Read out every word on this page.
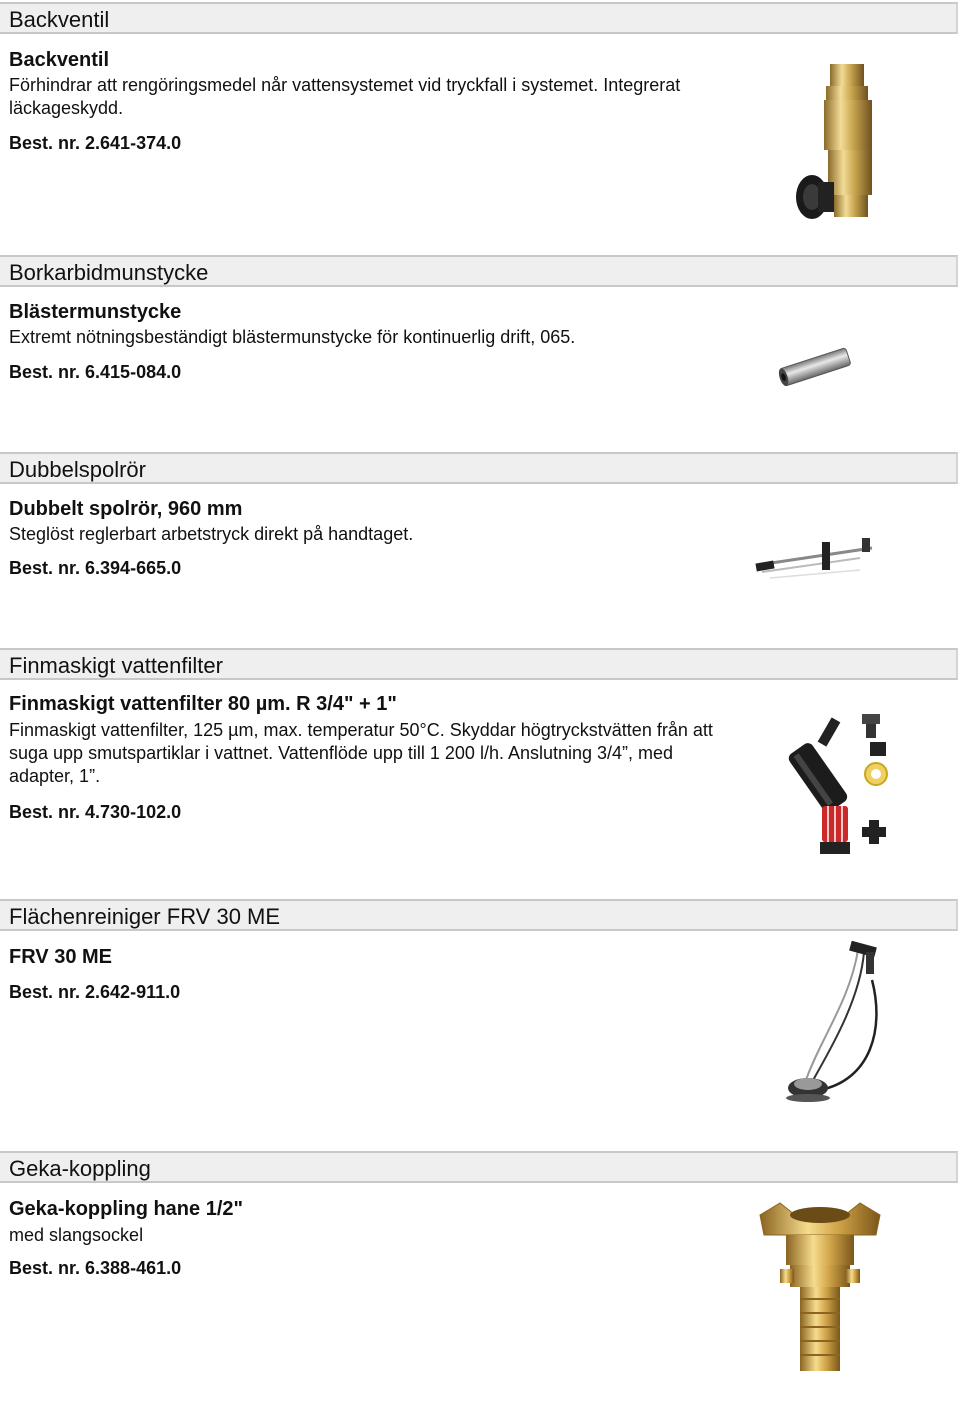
Backventil
Backventil
Förhindrar att rengöringsmedel når vattensystemet vid tryckfall i systemet. Integrerat läckageskydd.
Best. nr. 2.641-374.0
Borkarbidmunstycke
Blästermunstycke
Extremt nötningsbeständigt blästermunstycke för kontinuerlig drift, 065.
Best. nr. 6.415-084.0
Dubbelspolrör
Dubbelt spolrör, 960 mm
Steglöst reglerbart arbetstryck direkt på handtaget.
Best. nr. 6.394-665.0
Finmaskigt vattenfilter
Finmaskigt vattenfilter 80 µm. R 3/4" + 1"
Finmaskigt vattenfilter, 125 µm, max. temperatur 50°C. Skyddar högtryckstvätten från att suga upp smutspartiklar i vattnet. Vattenflöde upp till 1 200 l/h. Anslutning 3/4”, med adapter, 1”.
Best. nr. 4.730-102.0
Flächenreiniger FRV 30 ME
FRV 30 ME
Best. nr. 2.642-911.0
Geka-koppling
Geka-koppling hane 1/2"
med slangsockel
Best. nr. 6.388-461.0
